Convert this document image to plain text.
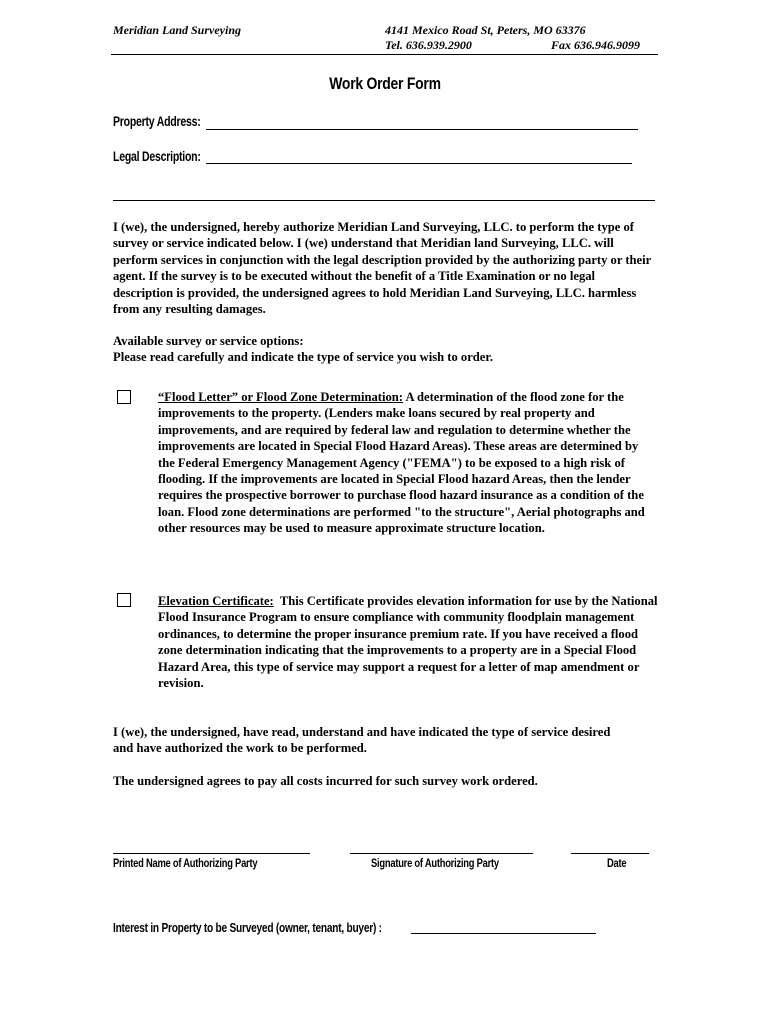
Meridian Land Surveying	4141 Mexico Road St, Peters, MO 63376
Tel. 636.939.2900	Fax 636.946.9099
Work Order Form
Property Address:
Legal Description:
I (we), the undersigned, hereby authorize Meridian Land Surveying, LLC. to perform the type of survey or service indicated below. I (we) understand that Meridian land Surveying, LLC. will perform services in conjunction with the legal description provided by the authorizing party or their agent. If the survey is to be executed without the benefit of a Title Examination or no legal description is provided, the undersigned agrees to hold Meridian Land Surveying, LLC. harmless from any resulting damages.
Available survey or service options:
Please read carefully and indicate the type of service you wish to order.
“Flood Letter” or Flood Zone Determination: A determination of the flood zone for the improvements to the property. (Lenders make loans secured by real property and improvements, and are required by federal law and regulation to determine whether the improvements are located in Special Flood Hazard Areas). These areas are determined by the Federal Emergency Management Agency ("FEMA") to be exposed to a high risk of flooding. If the improvements are located in Special Flood hazard Areas, then the lender requires the prospective borrower to purchase flood hazard insurance as a condition of the loan. Flood zone determinations are performed "to the structure", Aerial photographs and other resources may be used to measure approximate structure location.
Elevation Certificate: This Certificate provides elevation information for use by the National Flood Insurance Program to ensure compliance with community floodplain management ordinances, to determine the proper insurance premium rate. If you have received a flood zone determination indicating that the improvements to a property are in a Special Flood Hazard Area, this type of service may support a request for a letter of map amendment or revision.
I (we), the undersigned, have read, understand and have indicated the type of service desired and have authorized the work to be performed.
The undersigned agrees to pay all costs incurred for such survey work ordered.
Printed Name of Authorizing Party	Signature of Authorizing Party	Date
Interest in Property to be Surveyed (owner, tenant, buyer) :
